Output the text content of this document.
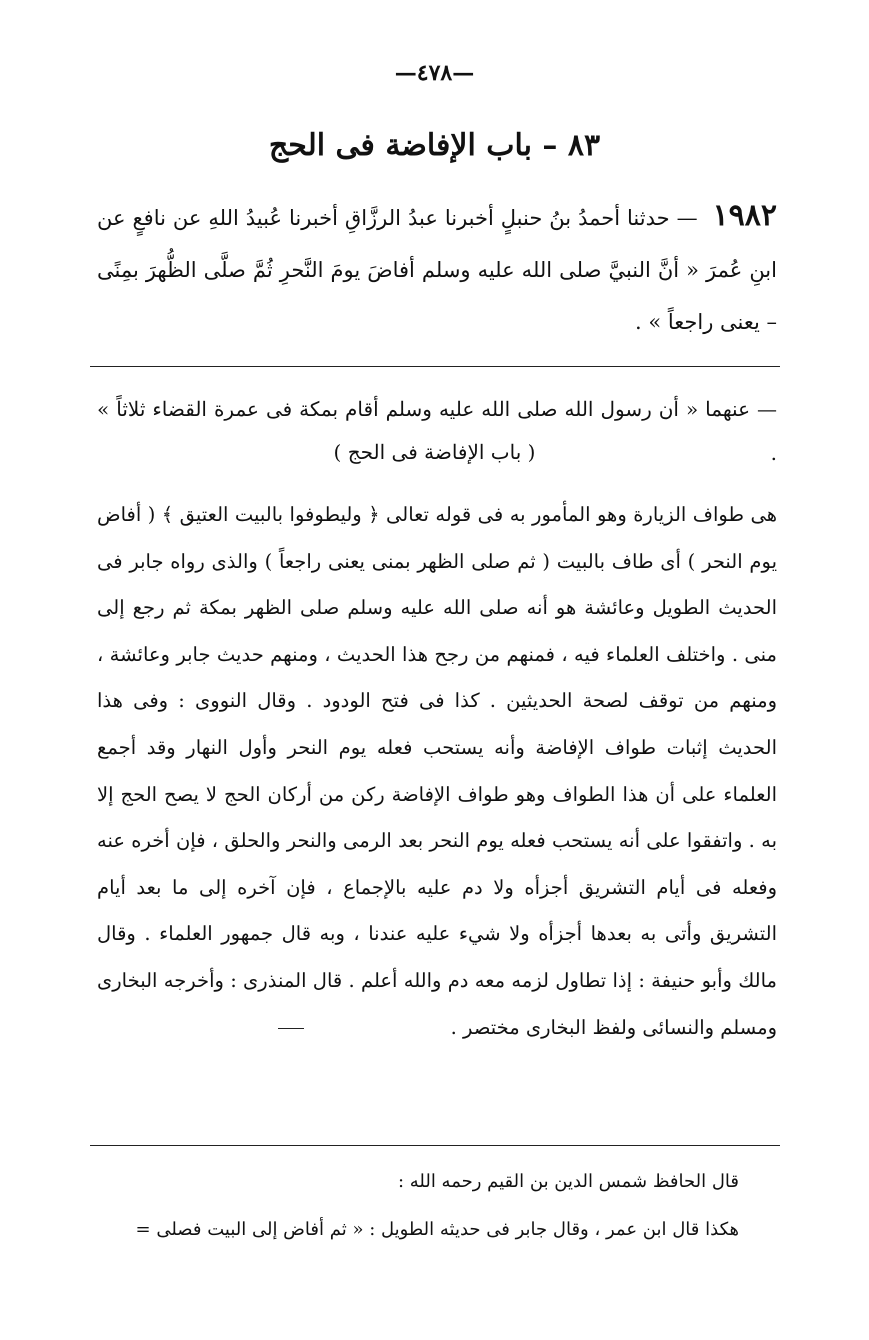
—٤٧٨—
٨٣ – باب الإفاضة فى الحج
١٩٨٢ — حدثنا أحمدُ بنُ حنبلٍ أخبرنا عبدُ الرزَّاقِ أخبرنا عُبيدُ اللهِ عن نافعٍ عن ابنِ عُمرَ « أنَّ النبيَّ صلى الله عليه وسلم أفاضَ يومَ النَّحرِ ثُمَّ صلَّى الظُّهرَ بمِنًى – يعنى راجعاً » .
— عنهما « أن رسول الله صلى الله عليه وسلم أقام بمكة فى عمرة القضاء ثلاثاً » .
( باب الإفاضة فى الحج )
هى طواف الزيارة وهو المأمور به فى قوله تعالى ﴿ وليطوفوا بالبيت العتيق ﴾ ( أفاض يوم النحر ) أى طاف بالبيت ( ثم صلى الظهر بمنى يعنى راجعاً ) والذى رواه جابر فى الحديث الطويل وعائشة هو أنه صلى الله عليه وسلم صلى الظهر بمكة ثم رجع إلى منى . واختلف العلماء فيه ، فمنهم من رجح هذا الحديث ، ومنهم حديث جابر وعائشة ، ومنهم من توقف لصحة الحديثين . كذا فى فتح الودود . وقال النووى : وفى هذا الحديث إثبات طواف الإفاضة وأنه يستحب فعله يوم النحر وأول النهار وقد أجمع العلماء على أن هذا الطواف وهو طواف الإفاضة ركن من أركان الحج لا يصح الحج إلا به . واتفقوا على أنه يستحب فعله يوم النحر بعد الرمى والنحر والحلق ، فإن أخره عنه وفعله فى أيام التشريق أجزأه ولا دم عليه بالإجماع ، فإن آخره إلى ما بعد أيام التشريق وأتى به بعدها أجزأه ولا شيء عليه عندنا ، وبه قال جمهور العلماء . وقال مالك وأبو حنيفة : إذا تطاول لزمه معه دم والله أعلم . قال المنذرى : وأخرجه البخارى ومسلم والنسائى ولفظ البخارى مختصر .
قال الحافظ شمس الدين بن القيم رحمه الله :
هكذا قال ابن عمر ، وقال جابر فى حديثه الطويل : « ثم أفاض إلى البيت فصلى =
